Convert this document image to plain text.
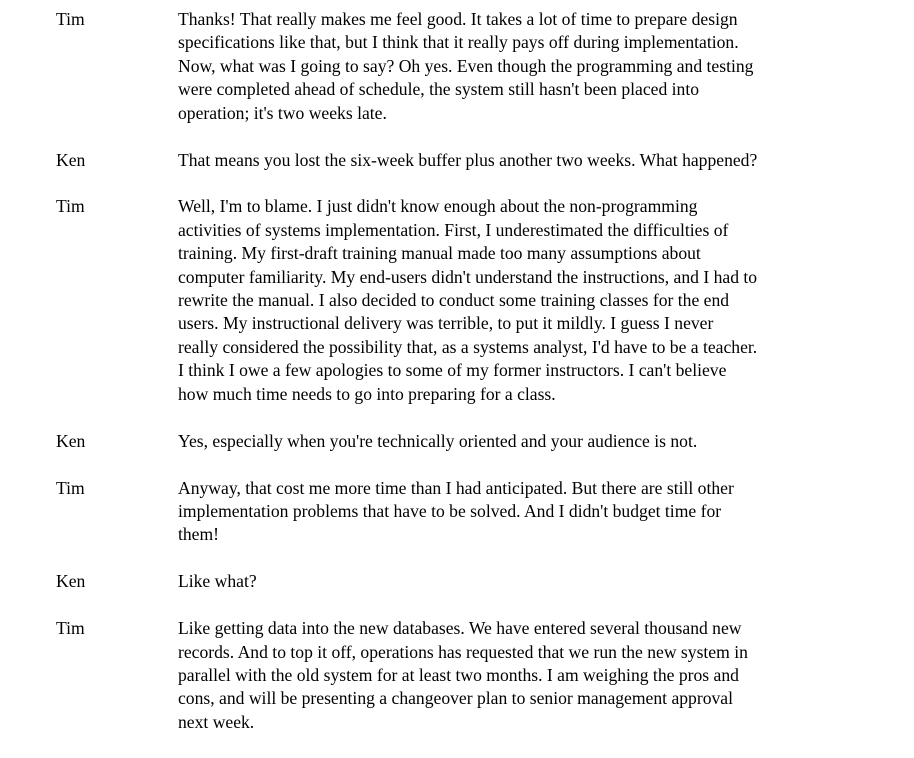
Tim	Thanks! That really makes me feel good. It takes a lot of time to prepare design
specifications like that, but I think that it really pays off during implementation.
Now, what was I going to say? Oh yes. Even though the programming and testing
were completed ahead of schedule, the system still hasn't been placed into
operation; it's two weeks late.
Ken	That means you lost the six-week buffer plus another two weeks. What happened?
Tim	Well, I'm to blame. I just didn't know enough about the non-programming
activities of systems implementation. First, I underestimated the difficulties of
training. My first-draft training manual made too many assumptions about
computer familiarity. My end-users didn't understand the instructions, and I had to
rewrite the manual. I also decided to conduct some training classes for the end
users. My instructional delivery was terrible, to put it mildly. I guess I never
really considered the possibility that, as a systems analyst, I'd have to be a teacher.
I think I owe a few apologies to some of my former instructors. I can't believe
how much time needs to go into preparing for a class.
Ken	Yes, especially when you're technically oriented and your audience is not.
Tim	Anyway, that cost me more time than I had anticipated. But there are still other
implementation problems that have to be solved. And I didn't budget time for
them!
Ken	Like what?
Tim	Like getting data into the new databases. We have entered several thousand new
records. And to top it off, operations has requested that we run the new system in
parallel with the old system for at least two months. I am weighing the pros and
cons, and will be presenting a changeover plan to senior management approval
next week.
